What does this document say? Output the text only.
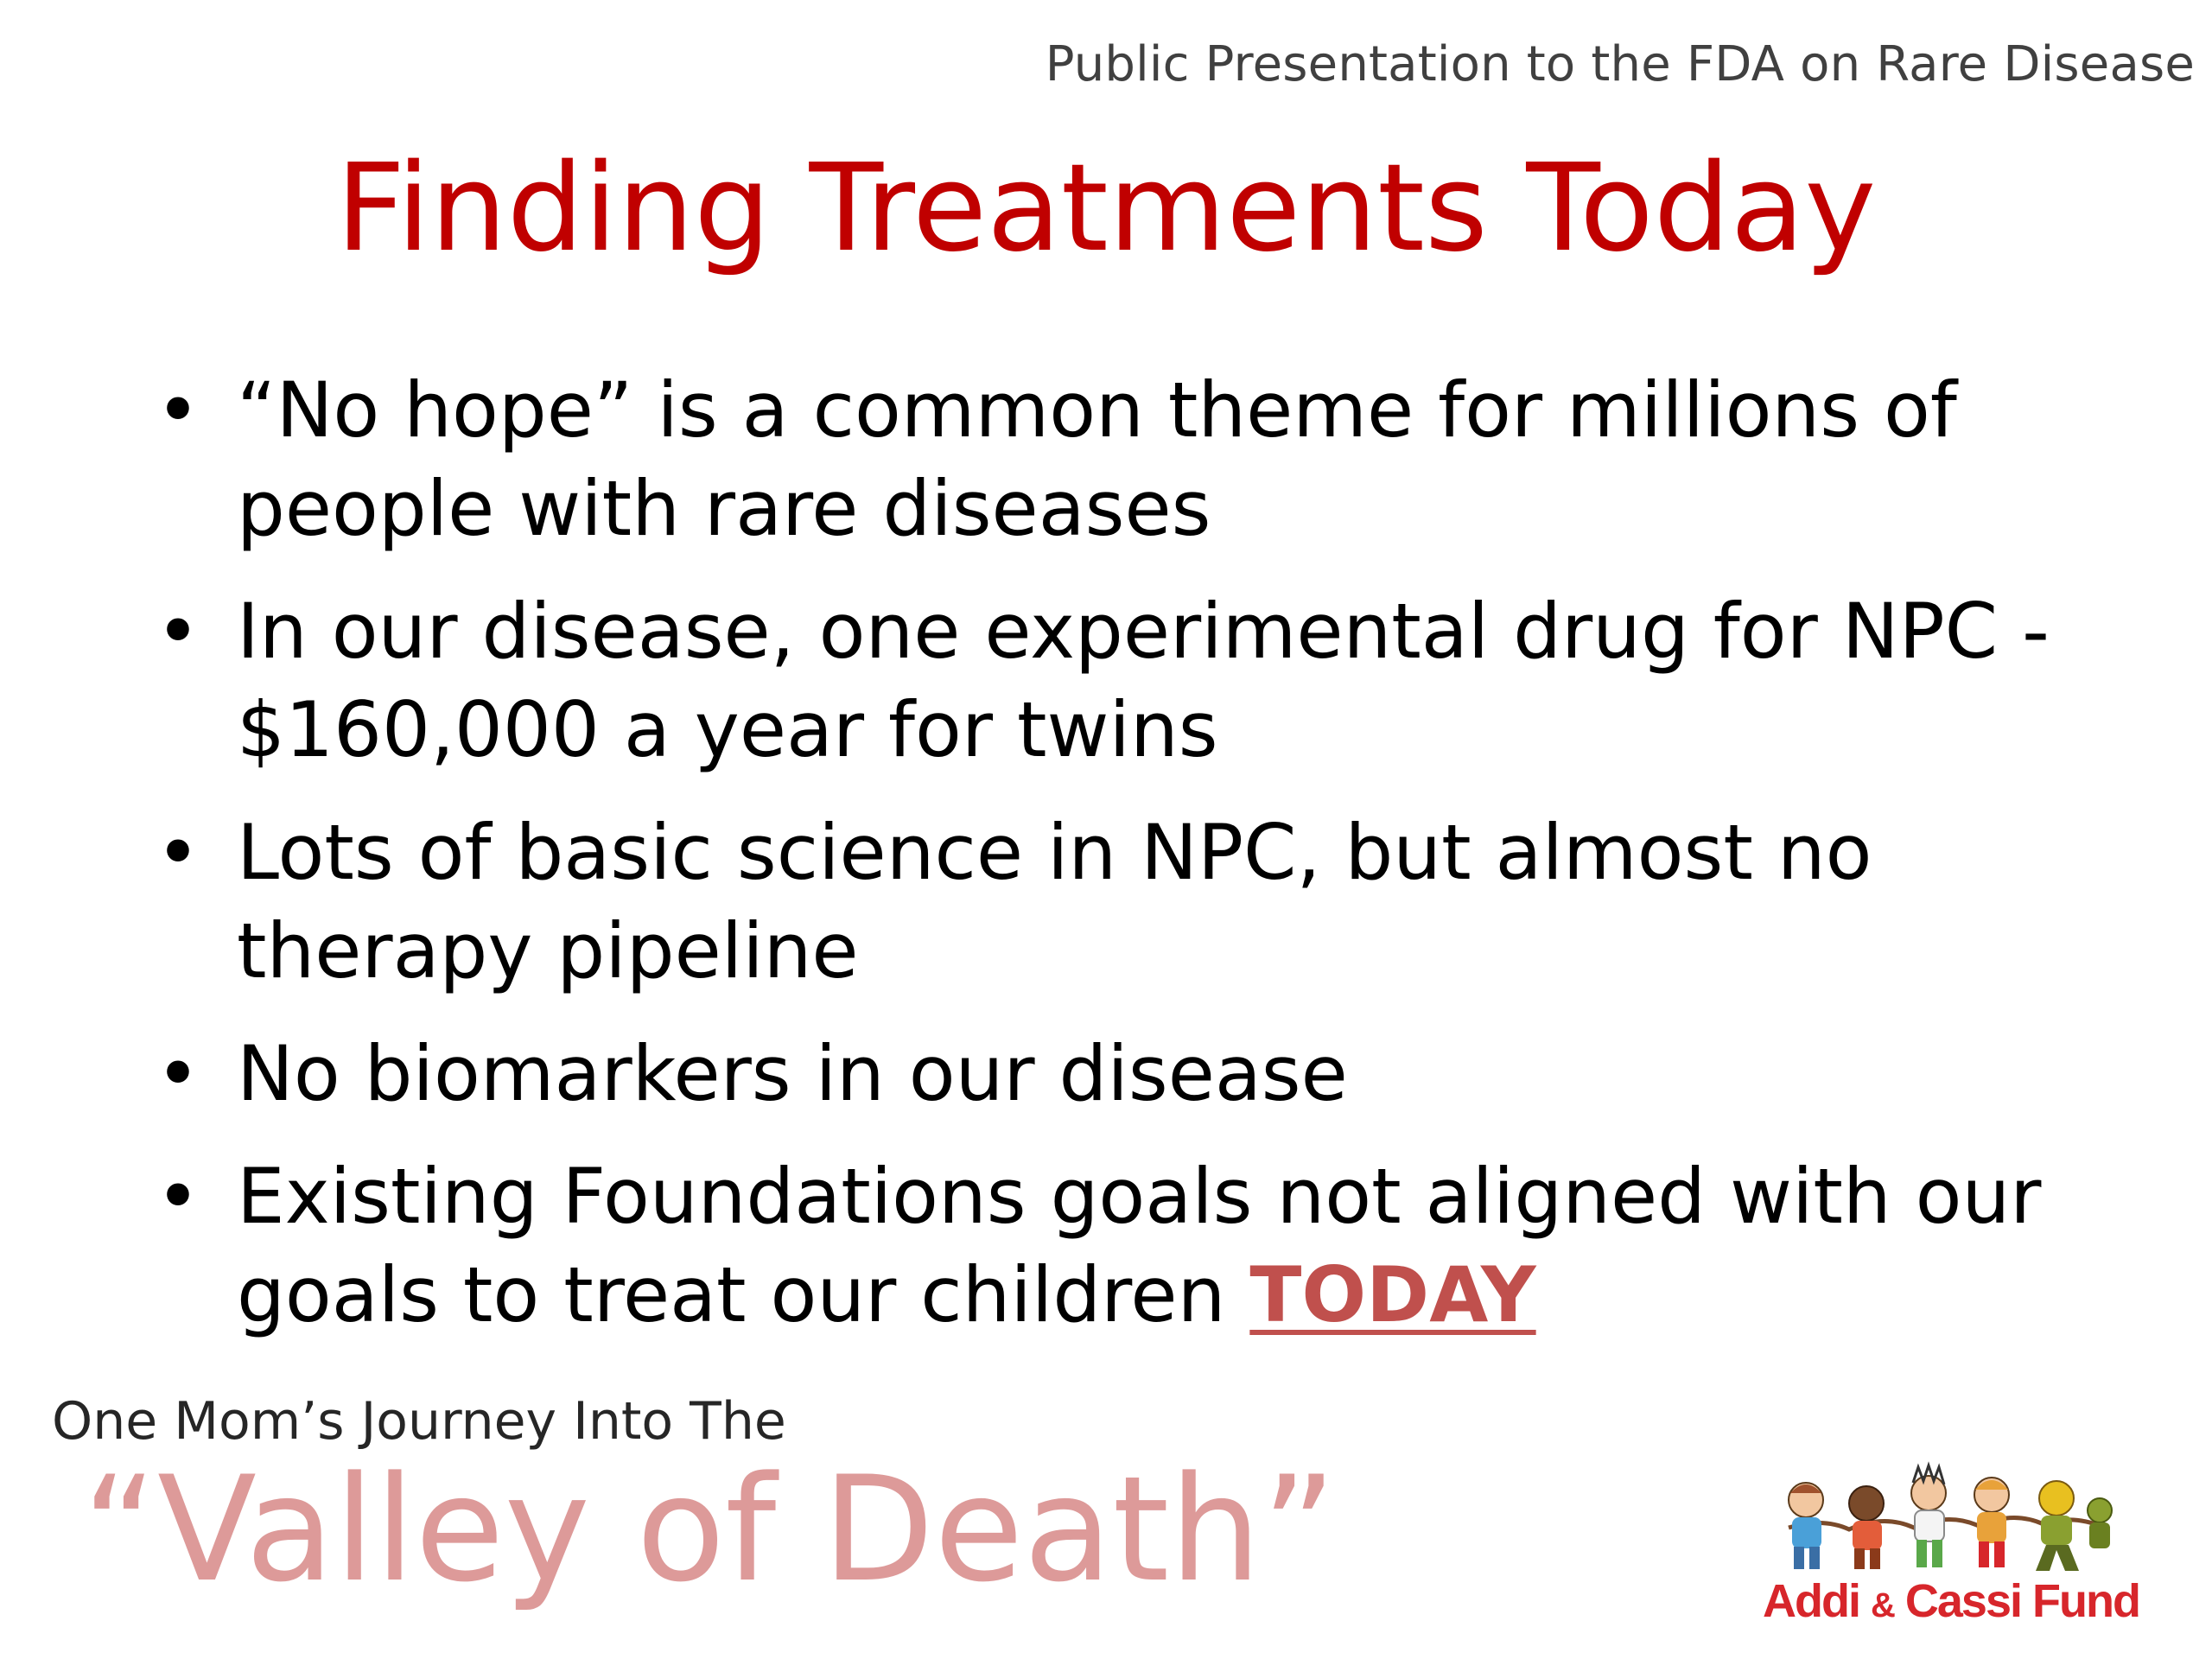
Public Presentation to the FDA on Rare Disease
Finding Treatments Today
• “No hope” is a common theme for millions of people with rare diseases
• In our disease, one experimental drug for NPC - $160,000 a year for twins
• Lots of basic science in NPC, but almost no therapy pipeline
• No biomarkers in our disease
• Existing Foundations goals not aligned with our goals to treat our children TODAY
One Mom’s Journey Into The
“Valley of Death”	Addi & Cassi Fund
